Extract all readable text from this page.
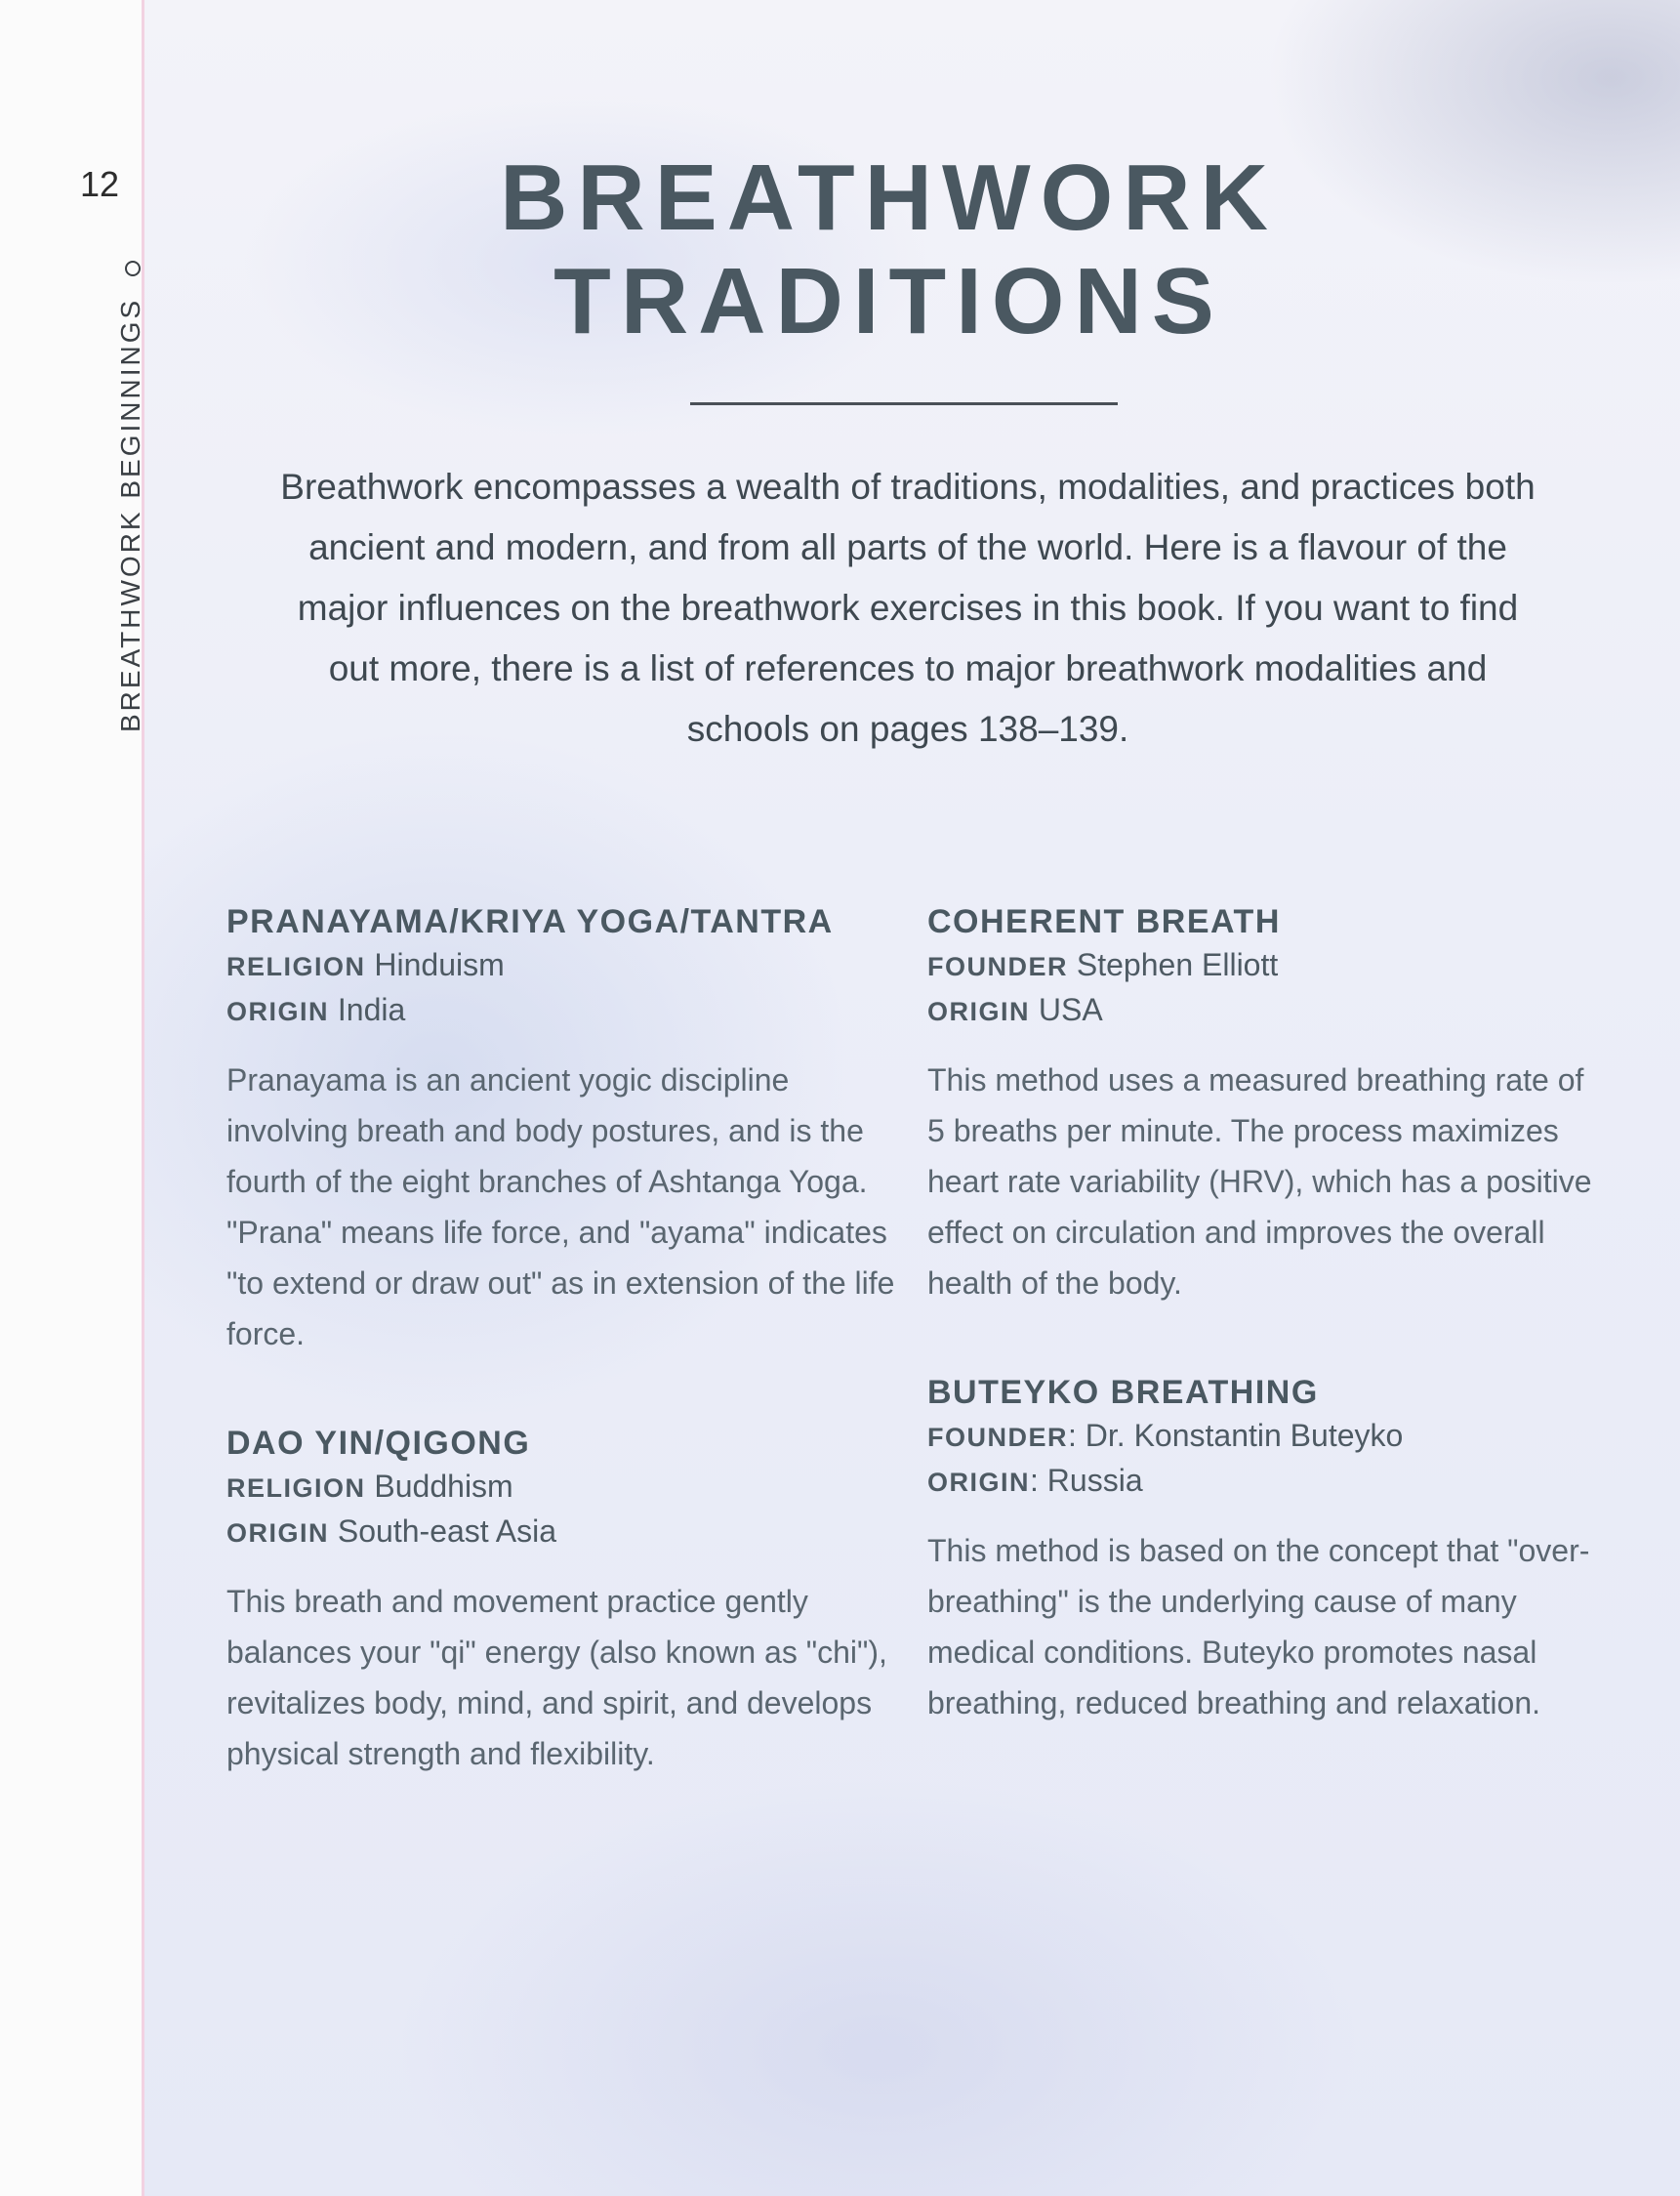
12
BREATHWORK BEGINNINGS
BREATHWORK
TRADITIONS

Breathwork encompasses a wealth of traditions, modalities, and practices both ancient and modern, and from all parts of the world. Here is a flavour of the major influences on the breathwork exercises in this book. If you want to find out more, there is a list of references to major breathwork modalities and schools on pages 138–139.

PRANAYAMA/KRIYA YOGA/TANTRA
RELIGION Hinduism
ORIGIN India
Pranayama is an ancient yogic discipline involving breath and body postures, and is the fourth of the eight branches of Ashtanga Yoga. "Prana" means life force, and "ayama" indicates "to extend or draw out" as in extension of the life force.
DAO YIN/QIGONG
RELIGION Buddhism
ORIGIN South-east Asia
This breath and movement practice gently balances your "qi" energy (also known as "chi"), revitalizes body, mind, and spirit, and develops physical strength and flexibility.
COHERENT BREATH
FOUNDER Stephen Elliott
ORIGIN USA
This method uses a measured breathing rate of 5 breaths per minute. The process maximizes heart rate variability (HRV), which has a positive effect on circulation and improves the overall health of the body.
BUTEYKO BREATHING
FOUNDER: Dr. Konstantin Buteyko
ORIGIN: Russia
This method is based on the concept that "over-breathing" is the underlying cause of many medical conditions. Buteyko promotes nasal breathing, reduced breathing and relaxation.
